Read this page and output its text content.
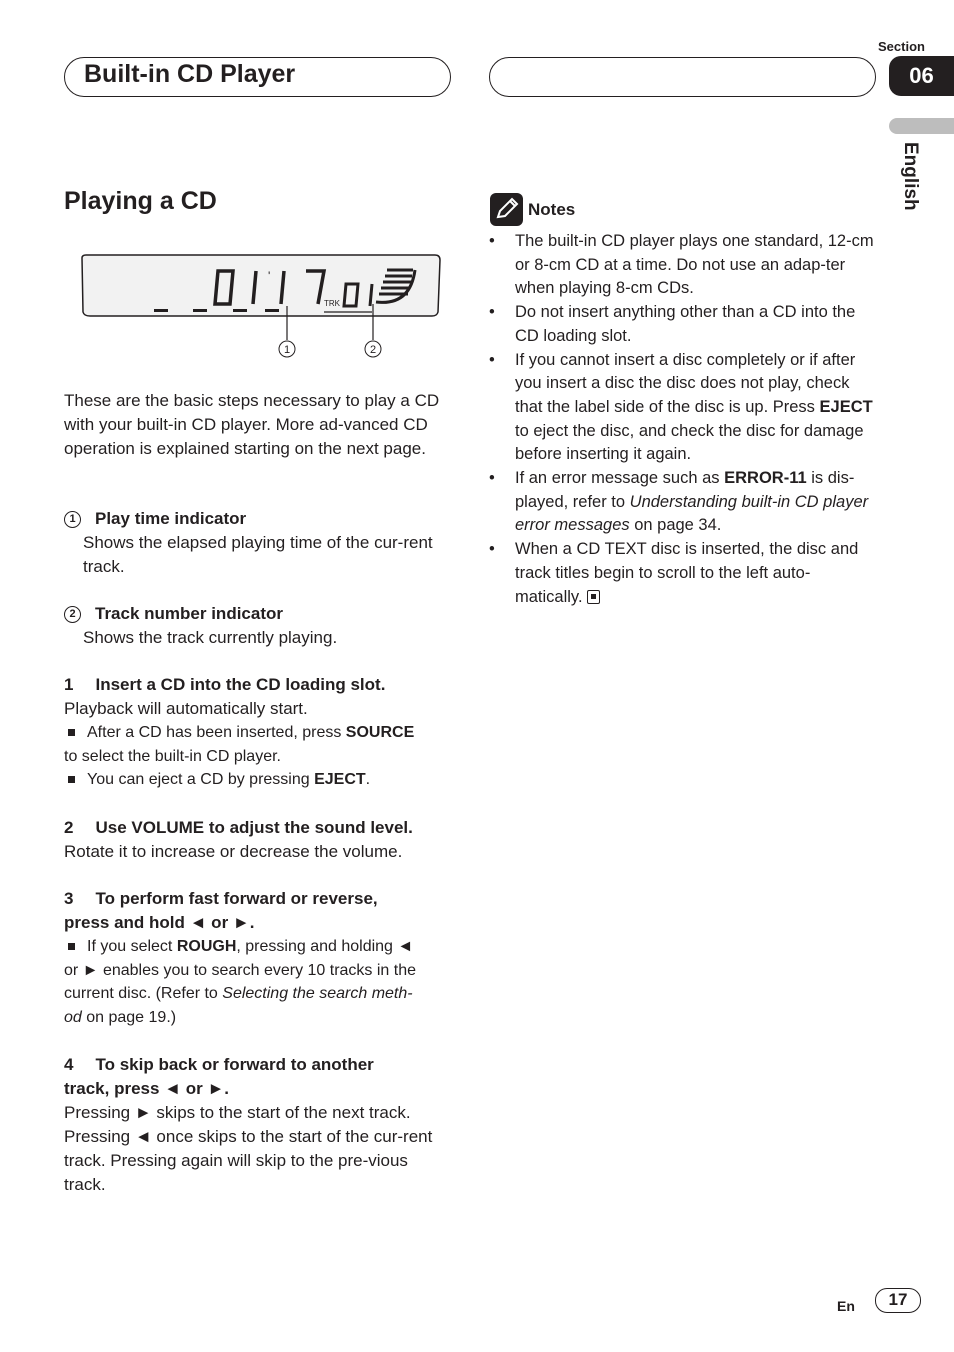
Built-in CD Player
Section
06
English
Playing a CD
'	"
TRK
1	2
These are the basic steps necessary to play a CD with your built-in CD player. More ad-vanced CD operation is explained starting on the next page.
1 Play time indicator
Shows the elapsed playing time of the cur-rent track.
2 Track number indicator
Shows the track currently playing.
1 Insert a CD into the CD loading slot.
Playback will automatically start.
After a CD has been inserted, press SOURCE
to select the built-in CD player.
You can eject a CD by pressing EJECT.
2 Use VOLUME to adjust the sound level.
Rotate it to increase or decrease the volume.
3 To perform fast forward or reverse,
press and hold ◄ or ►.
If you select ROUGH, pressing and holding ◄
or ► enables you to search every 10 tracks in the
current disc. (Refer to Selecting the search meth-
od on page 19.)
4 To skip back or forward to another
track, press ◄ or ►.
Pressing ► skips to the start of the next track. Pressing ◄ once skips to the start of the cur-rent track. Pressing again will skip to the pre-vious track.
Notes
• The built-in CD player plays one standard, 12-cm or 8-cm CD at a time. Do not use an adap-ter when playing 8-cm CDs.
• Do not insert anything other than a CD into the CD loading slot.
• If you cannot insert a disc completely or if after you insert a disc the disc does not play, check that the label side of the disc is up. Press EJECT to eject the disc, and check the disc for damage before inserting it again.
• If an error message such as ERROR-11 is dis-played, refer to Understanding built-in CD player error messages on page 34.
• When a CD TEXT disc is inserted, the disc and track titles begin to scroll to the left auto-matically.
En	17
